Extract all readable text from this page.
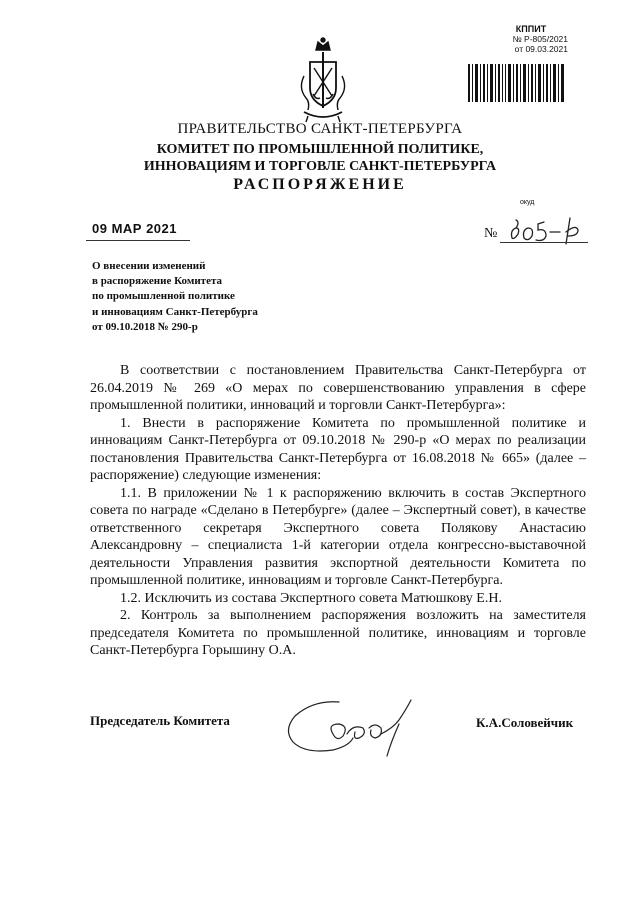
КППИТ
№ Р-805/2021
от 09.03.2021
ПРАВИТЕЛЬСТВО САНКТ-ПЕТЕРБУРГА
КОМИТЕТ ПО ПРОМЫШЛЕННОЙ ПОЛИТИКЕ,
ИННОВАЦИЯМ И ТОРГОВЛЕ САНКТ-ПЕТЕРБУРГА
РАСПОРЯЖЕНИЕ
окуд
09 МАР 2021	№
О внесении изменений
в распоряжение Комитета
по промышленной политике
и инновациям Санкт-Петербурга
от 09.10.2018 № 290-р

В соответствии с постановлением Правительства Санкт-Петербурга от 26.04.2019 № 269 «О мерах по совершенствованию управления в сфере промышленной политики, инноваций и торговли Санкт-Петербурга»:

1. Внести в распоряжение Комитета по промышленной политике и инновациям Санкт-Петербурга от 09.10.2018 № 290-р «О мерах по реализации постановления Правительства Санкт-Петербурга от 16.08.2018 № 665» (далее – распоряжение) следующие изменения:

1.1. В приложении № 1 к распоряжению включить в состав Экспертного совета по награде «Сделано в Петербурге» (далее – Экспертный совет), в качестве ответственного секретаря Экспертного совета Полякову Анастасию Александровну – специалиста 1-й категории отдела конгрессно-выставочной деятельности Управления развития экспортной деятельности Комитета по промышленной политике, инновациям и торговле Санкт-Петербурга.

1.2. Исключить из состава Экспертного совета Матюшкову Е.Н.

2. Контроль за выполнением распоряжения возложить на заместителя председателя Комитета по промышленной политике, инновациям и торговле Санкт-Петербурга Горышину О.А.

Председатель Комитета	К.А.Соловейчик
